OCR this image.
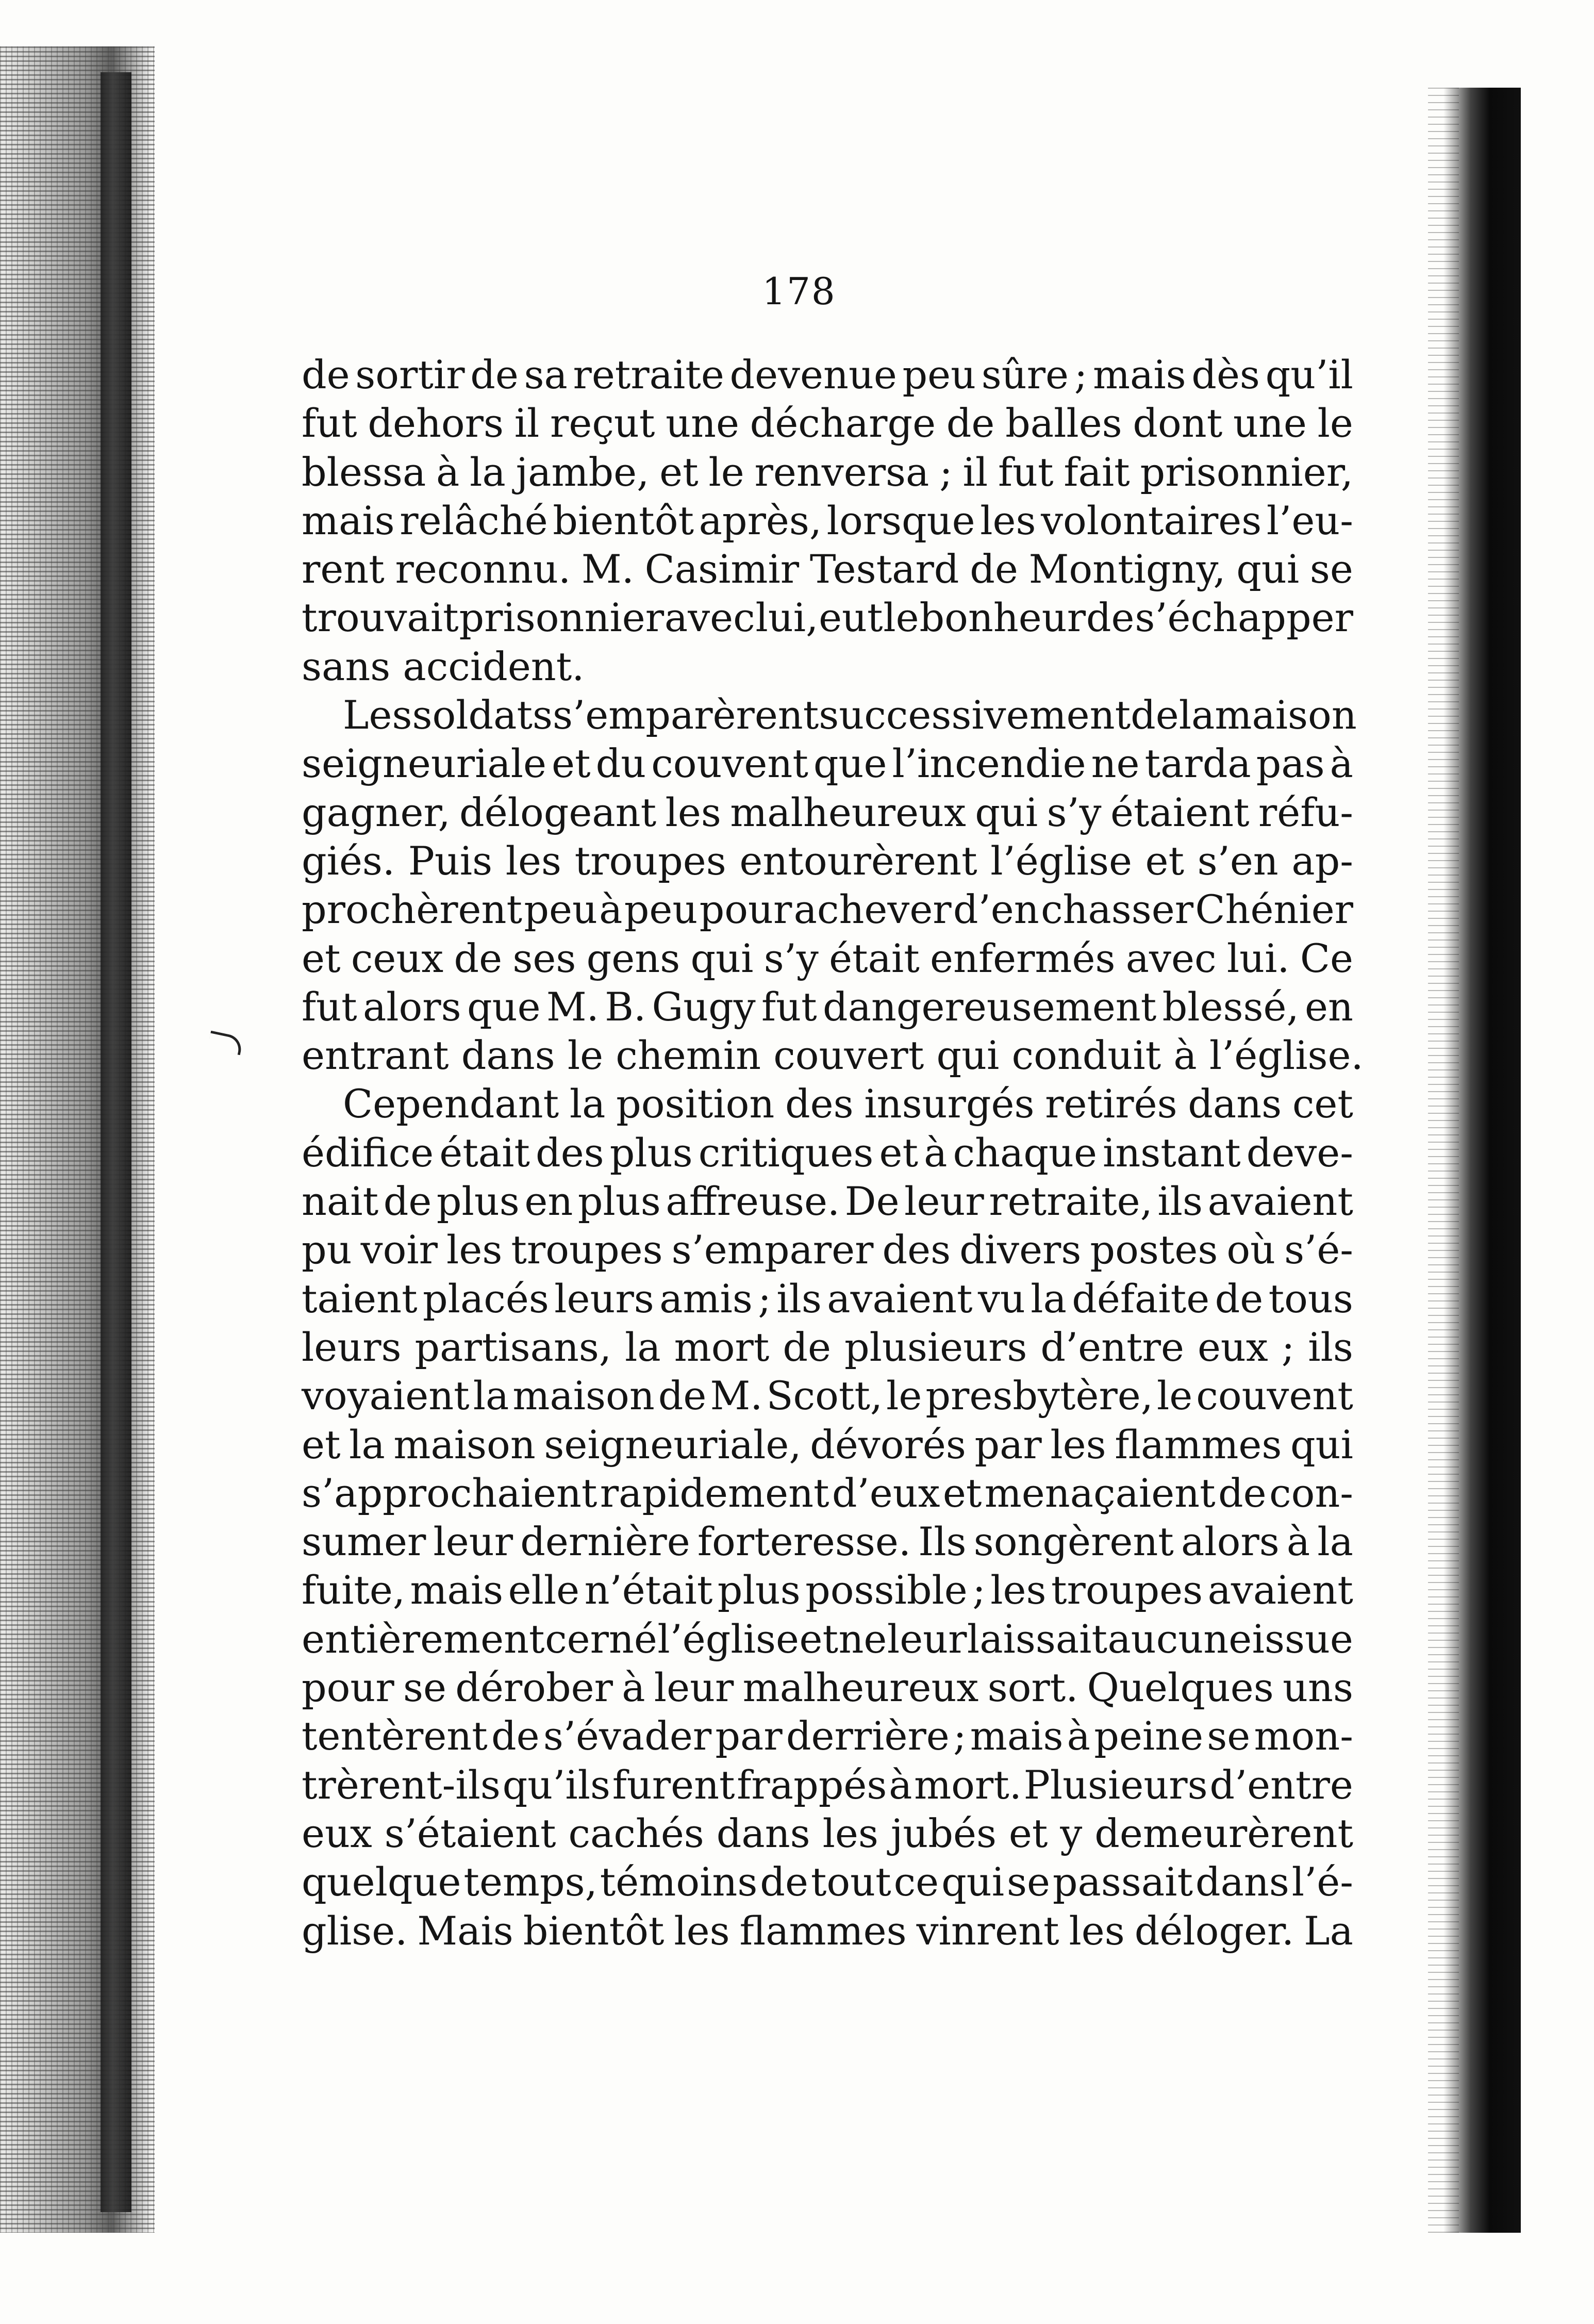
178
de sortir de sa retraite devenue peu sûre ; mais dès qu’il
fut dehors il reçut une décharge de balles dont une le
blessa à la jambe, et le renversa ; il fut fait prisonnier,
mais relâché bientôt après, lorsque les volontaires l’eu-
rent reconnu. M. Casimir Testard de Montigny, qui se
trouvait prisonnier avec lui, eut le bonheur de s’échapper
sans accident.
Les soldats s’emparèrent successivement de la maison
seigneuriale et du couvent que l’incendie ne tarda pas à
gagner, délogeant les malheureux qui s’y étaient réfu-
giés. Puis les troupes entourèrent l’église et s’en ap-
prochèrent peu à peu pour achever d’en chasser Chénier
et ceux de ses gens qui s’y était enfermés avec lui. Ce
fut alors que M. B. Gugy fut dangereusement blessé, en
entrant dans le chemin couvert qui conduit à l’église.
Cependant la position des insurgés retirés dans cet
édifice était des plus critiques et à chaque instant deve-
nait de plus en plus affreuse. De leur retraite, ils avaient
pu voir les troupes s’emparer des divers postes où s’é-
taient placés leurs amis ; ils avaient vu la défaite de tous
leurs partisans, la mort de plusieurs d’entre eux ; ils
voyaient la maison de M. Scott, le presbytère, le couvent
et la maison seigneuriale, dévorés par les flammes qui
s’approchaient rapidement d’eux et menaçaient de con-
sumer leur dernière forteresse. Ils songèrent alors à la
fuite, mais elle n’était plus possible ; les troupes avaient
entièrement cerné l’église et ne leur laissait aucune issue
pour se dérober à leur malheureux sort. Quelques uns
tentèrent de s’évader par derrière ; mais à peine se mon-
trèrent-ils qu’ils furent frappés à mort. Plusieurs d’entre
eux s’étaient cachés dans les jubés et y demeurèrent
quelque temps, témoins de tout ce qui se passait dans l’é-
glise. Mais bientôt les flammes vinrent les déloger. La
